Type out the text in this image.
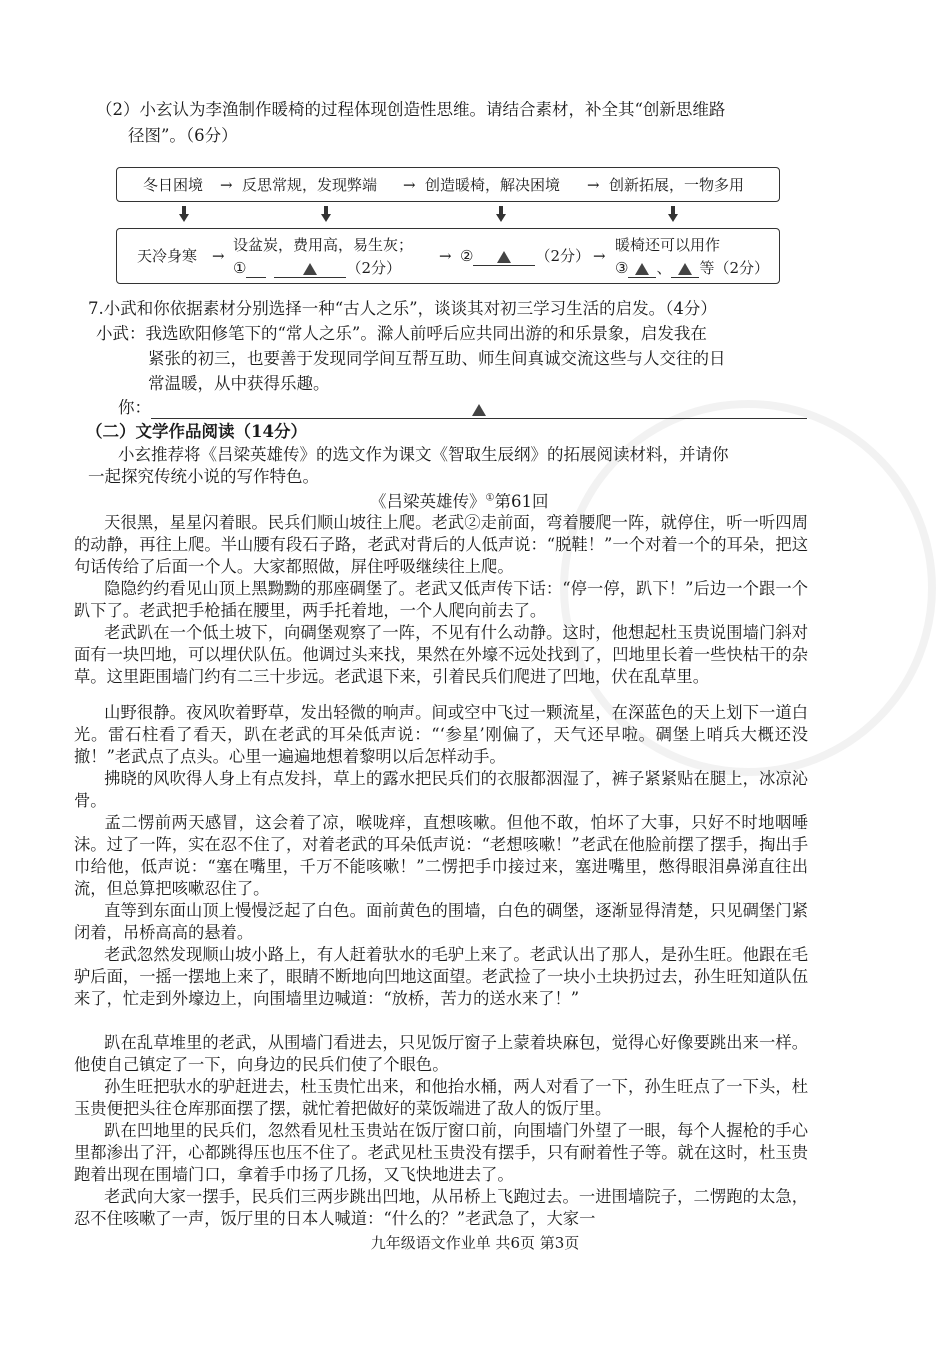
（2）小玄认为李渔制作暖椅的过程体现创造性思维。请结合素材，补全其“创新思维路
径图”。（6分）
冬日困境 → 反思常规，发现弊端 → 创造暖椅，解决困境 → 创新拓展，一物多用
天冷身寒 →
设盆炭，费用高，易生灰；
①	（2分）
→ ②	（2分） →
暖椅还可以用作
③ 、 等（2分）
7.小武和你依据素材分别选择一种“古人之乐”，谈谈其对初三学习生活的启发。（4分）
小武：我选欧阳修笔下的“常人之乐”。滁人前呼后应共同出游的和乐景象，启发我在
紧张的初三，也要善于发现同学间互帮互助、师生间真诚交流这些与人交往的日
常温暖，从中获得乐趣。
你：
（二）文学作品阅读（14分）
小玄推荐将《吕梁英雄传》的选文作为课文《智取生辰纲》的拓展阅读材料，并请你
一起探究传统小说的写作特色。
《吕梁英雄传》①第61回
天很黑，星星闪着眼。民兵们顺山坡往上爬。老武②走前面，弯着腰爬一阵，就停住，听一听四周的动静，再往上爬。半山腰有段石子路，老武对背后的人低声说：“脱鞋！”一个对着一个的耳朵，把这句话传给了后面一个人。大家都照做，屏住呼吸继续往上爬。
隐隐约约看见山顶上黑黝黝的那座碉堡了。老武又低声传下话：“停一停，趴下！”后边一个跟一个趴下了。老武把手枪插在腰里，两手托着地，一个人爬向前去了。
老武趴在一个低土坡下，向碉堡观察了一阵，不见有什么动静。这时，他想起杜玉贵说围墙门斜对面有一块凹地，可以埋伏队伍。他调过头来找，果然在外壕不远处找到了，凹地里长着一些快枯干的杂草。这里距围墙门约有二三十步远。老武退下来，引着民兵们爬进了凹地，伏在乱草里。
山野很静。夜风吹着野草，发出轻微的响声。间或空中飞过一颗流星，在深蓝色的天上划下一道白光。雷石柱看了看天，趴在老武的耳朵低声说：“‘参星’刚偏了，天气还早啦。碉堡上哨兵大概还没撤！”老武点了点头。心里一遍遍地想着黎明以后怎样动手。
拂晓的风吹得人身上有点发抖，草上的露水把民兵们的衣服都洇湿了，裤子紧紧贴在腿上，冰凉沁骨。
孟二愣前两天感冒，这会着了凉，喉咙痒，直想咳嗽。但他不敢，怕坏了大事，只好不时地咽唾沫。过了一阵，实在忍不住了，对着老武的耳朵低声说：“老想咳嗽！”老武在他脸前摆了摆手，掏出手巾给他，低声说：“塞在嘴里，千万不能咳嗽！”二愣把手巾接过来，塞进嘴里，憋得眼泪鼻涕直往出流，但总算把咳嗽忍住了。
直等到东面山顶上慢慢泛起了白色。面前黄色的围墙，白色的碉堡，逐渐显得清楚，只见碉堡门紧闭着，吊桥高高的悬着。
老武忽然发现顺山坡小路上，有人赶着驮水的毛驴上来了。老武认出了那人，是孙生旺。他跟在毛驴后面，一摇一摆地上来了，眼睛不断地向凹地这面望。老武捡了一块小土块扔过去，孙生旺知道队伍来了，忙走到外壕边上，向围墙里边喊道：“放桥，苦力的送水来了！”
趴在乱草堆里的老武，从围墙门看进去，只见饭厅窗子上蒙着块麻包，觉得心好像要跳出来一样。他使自己镇定了一下，向身边的民兵们使了个眼色。
孙生旺把驮水的驴赶进去，杜玉贵忙出来，和他抬水桶，两人对看了一下，孙生旺点了一下头，杜玉贵便把头往仓库那面摆了摆，就忙着把做好的菜饭端进了敌人的饭厅里。
趴在凹地里的民兵们，忽然看见杜玉贵站在饭厅窗口前，向围墙门外望了一眼，每个人握枪的手心里都渗出了汗，心都跳得压也压不住了。老武见杜玉贵没有摆手，只有耐着性子等。就在这时，杜玉贵跑着出现在围墙门口，拿着手巾扬了几扬，又飞快地进去了。
老武向大家一摆手，民兵们三两步跳出凹地，从吊桥上飞跑过去。一进围墙院子，二愣跑的太急，忍不住咳嗽了一声，饭厅里的日本人喊道：“什么的？”老武急了，大家一
九年级语文作业单 共6页 第3页
